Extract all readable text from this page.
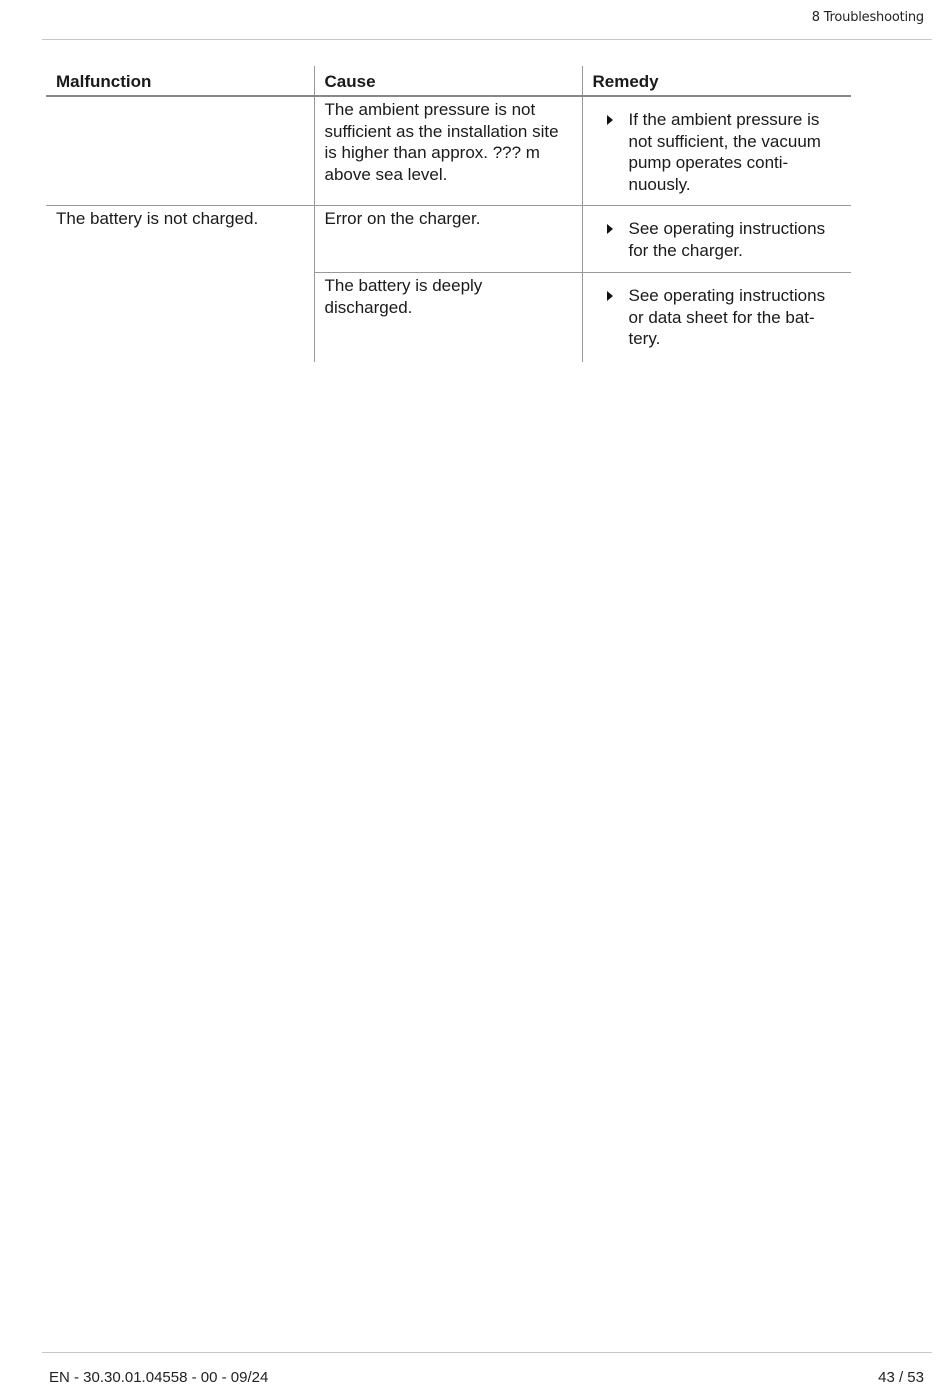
8 Troubleshooting
Malfunction	Cause	Remedy
	The ambient pressure is not sufficient as the installation site is higher than approx. ??? m above sea level.	If the ambient pressure is not sufficient, the vacuum pump operates conti-nuously.

The battery is not charged.	Error on the charger.	See operating instructions for the charger.

	The battery is deeply discharged.	See operating instructions or data sheet for the bat-tery.
EN - 30.30.01.04558 - 00 - 09/24	43 / 53
